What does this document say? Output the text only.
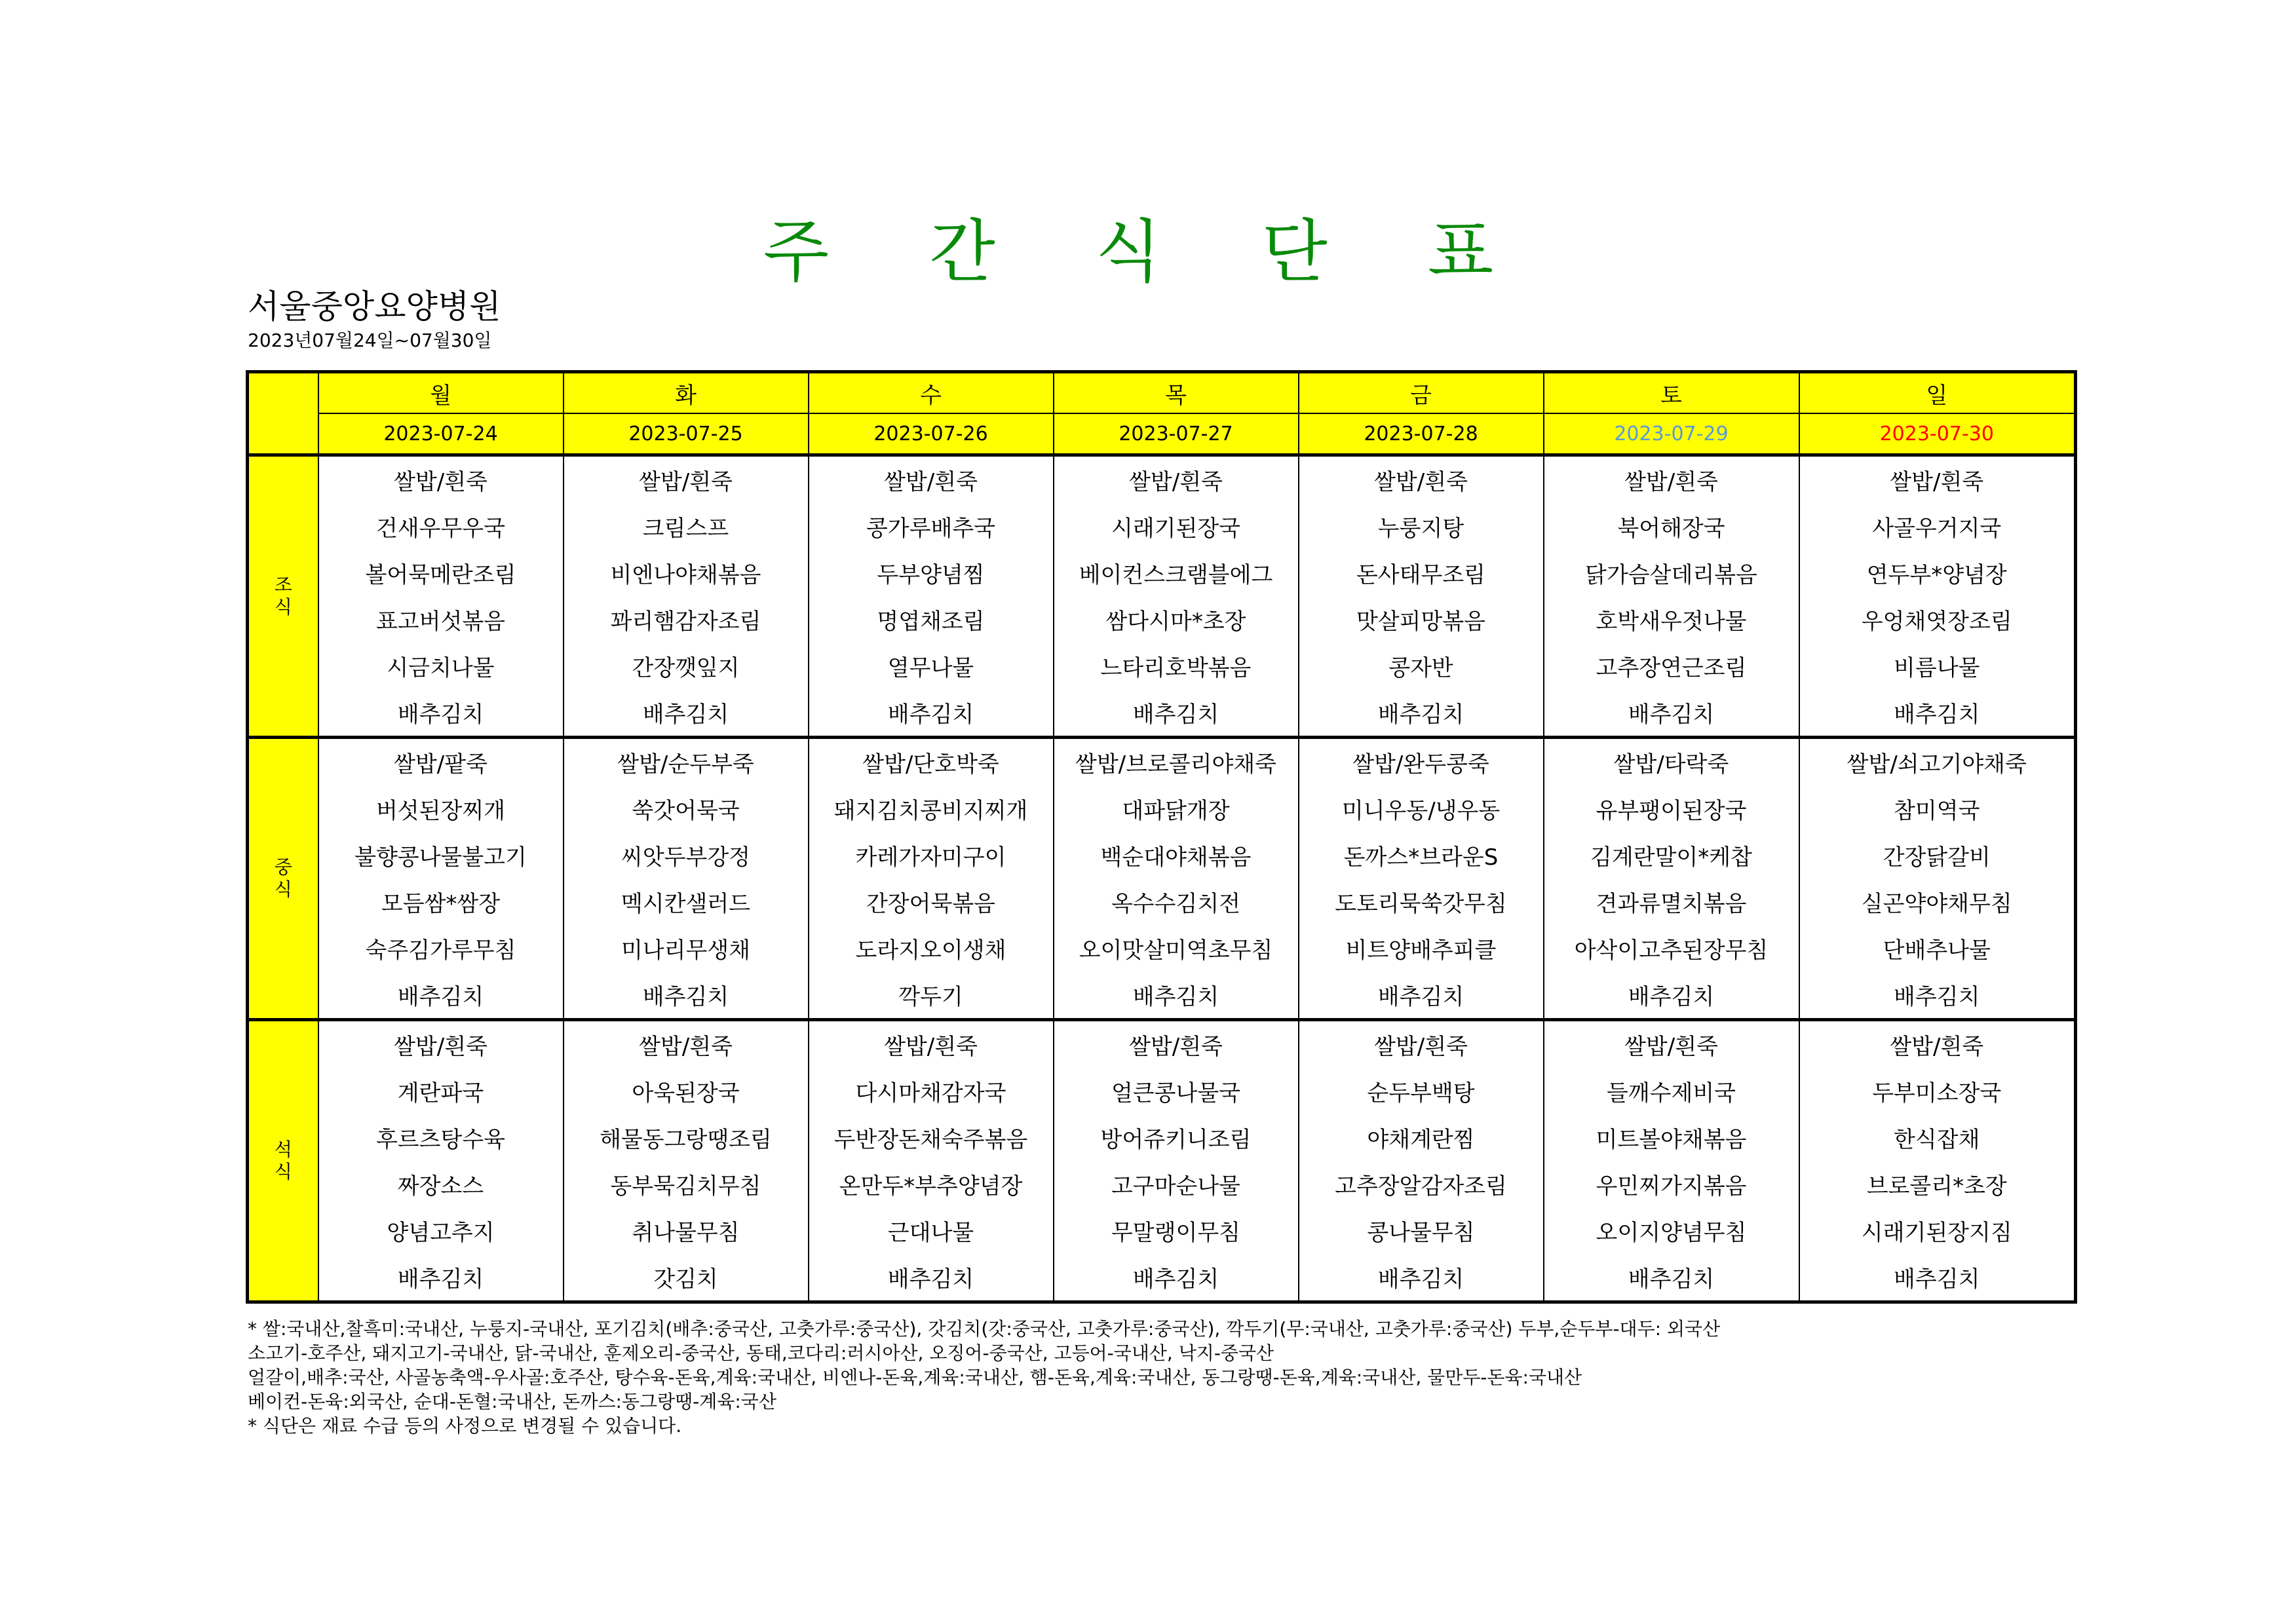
주 간 식 단 표
서울중앙요양병원
2023년07월24일~07월30일
	월	화	수	목	금	토	일
	2023-07-24	2023-07-25	2023-07-26	2023-07-27	2023-07-28	2023-07-29	2023-07-30

조
식	쌀밥/흰죽	쌀밥/흰죽	쌀밥/흰죽	쌀밥/흰죽	쌀밥/흰죽	쌀밥/흰죽	쌀밥/흰죽
	건새우무우국	크림스프	콩가루배추국	시래기된장국	누룽지탕	북어해장국	사골우거지국
	볼어묵메란조림	비엔나야채볶음	두부양념찜	베이컨스크램블에그	돈사태무조림	닭가슴살데리볶음	연두부*양념장
	표고버섯볶음	꽈리햄감자조림	명엽채조림	쌈다시마*초장	맛살피망볶음	호박새우젓나물	우엉채엿장조림
	시금치나물	간장깻잎지	열무나물	느타리호박볶음	콩자반	고추장연근조림	비름나물
	배추김치	배추김치	배추김치	배추김치	배추김치	배추김치	배추김치

중
식	쌀밥/팥죽	쌀밥/순두부죽	쌀밥/단호박죽	쌀밥/브로콜리야채죽	쌀밥/완두콩죽	쌀밥/타락죽	쌀밥/쇠고기야채죽
	버섯된장찌개	쑥갓어묵국	돼지김치콩비지찌개	대파닭개장	미니우동/냉우동	유부팽이된장국	참미역국
	불향콩나물불고기	씨앗두부강정	카레가자미구이	백순대야채볶음	돈까스*브라운S	김계란말이*케찹	간장닭갈비
	모듬쌈*쌈장	멕시칸샐러드	간장어묵볶음	옥수수김치전	도토리묵쑥갓무침	견과류멸치볶음	실곤약야채무침
	숙주김가루무침	미나리무생채	도라지오이생채	오이맛살미역초무침	비트양배추피클	아삭이고추된장무침	단배추나물
	배추김치	배추김치	깍두기	배추김치	배추김치	배추김치	배추김치

석
식	쌀밥/흰죽	쌀밥/흰죽	쌀밥/흰죽	쌀밥/흰죽	쌀밥/흰죽	쌀밥/흰죽	쌀밥/흰죽
	계란파국	아욱된장국	다시마채감자국	얼큰콩나물국	순두부백탕	들깨수제비국	두부미소장국
	후르츠탕수육	해물동그랑땡조림	두반장돈채숙주볶음	방어쥬키니조림	야채계란찜	미트볼야채볶음	한식잡채
	짜장소스	동부묵김치무침	온만두*부추양념장	고구마순나물	고추장알감자조림	우민찌가지볶음	브로콜리*초장
	양념고추지	취나물무침	근대나물	무말랭이무침	콩나물무침	오이지양념무침	시래기된장지짐
	배추김치	갓김치	배추김치	배추김치	배추김치	배추김치	배추김치
* 쌀:국내산,찰흑미:국내산, 누룽지-국내산, 포기김치(배추:중국산, 고춧가루:중국산), 갓김치(갓:중국산, 고춧가루:중국산), 깍두기(무:국내산, 고춧가루:중국산) 두부,순두부-대두: 외국산
소고기-호주산, 돼지고기-국내산, 닭-국내산, 훈제오리-중국산, 동태,코다리:러시아산, 오징어-중국산, 고등어-국내산, 낙지-중국산
얼갈이,배추:국산, 사골농축액-우사골:호주산, 탕수육-돈육,계육:국내산, 비엔나-돈육,계육:국내산, 햄-돈육,계육:국내산, 동그랑땡-돈육,계육:국내산, 물만두-돈육:국내산
베이컨-돈육:외국산, 순대-돈혈:국내산, 돈까스:동그랑땡-계육:국산
* 식단은 재료 수급 등의 사정으로 변경될 수 있습니다.
